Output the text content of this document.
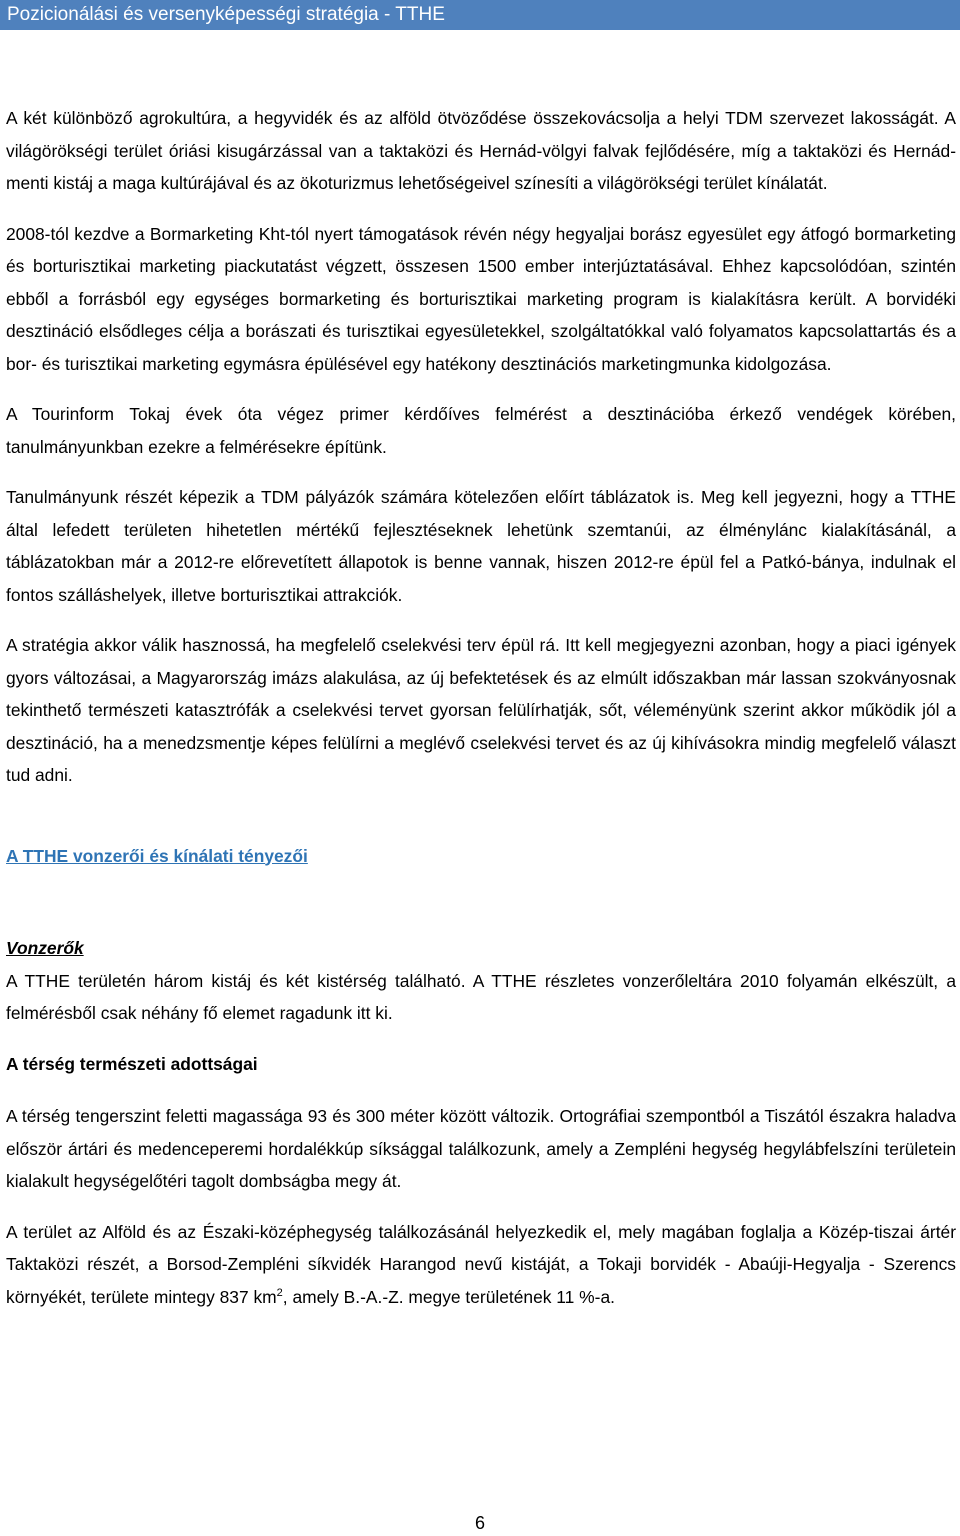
Pozicionálási és versenyképességi stratégia - TTHE

A két különböző agrokultúra, a hegyvidék és az alföld ötvöződése összekovácsolja a helyi TDM szervezet lakosságát. A világörökségi terület óriási kisugárzással van a taktaközi és Hernád-völgyi falvak fejlődésére, míg a taktaközi és Hernád-menti kistáj a maga kultúrájával és az ökoturizmus lehetőségeivel színesíti a világörökségi terület kínálatát.

2008-tól kezdve a Bormarketing Kht-tól nyert támogatások révén négy hegyaljai borász egyesület egy átfogó bormarketing és borturisztikai marketing piackutatást végzett, összesen 1500 ember interjúztatásával. Ehhez kapcsolódóan, szintén ebből a forrásból egy egységes bormarketing és borturisztikai marketing program is kialakításra került. A borvidéki desztináció elsődleges célja a borászati és turisztikai egyesületekkel, szolgáltatókkal való folyamatos kapcsolattartás és a bor- és turisztikai marketing egymásra épülésével egy hatékony desztinációs marketingmunka kidolgozása.

A Tourinform Tokaj évek óta végez primer kérdőíves felmérést a desztinációba érkező vendégek körében, tanulmányunkban ezekre a felmérésekre építünk.

Tanulmányunk részét képezik a TDM pályázók számára kötelezően előírt táblázatok is. Meg kell jegyezni, hogy a TTHE által lefedett területen hihetetlen mértékű fejlesztéseknek lehetünk szemtanúi, az élménylánc kialakításánál, a táblázatokban már a 2012-re előrevetített állapotok is benne vannak, hiszen 2012-re épül fel a Patkó-bánya, indulnak el fontos szálláshelyek, illetve borturisztikai attrakciók.

A stratégia akkor válik hasznossá, ha megfelelő cselekvési terv épül rá. Itt kell megjegyezni azonban, hogy a piaci igények gyors változásai, a Magyarország imázs alakulása, az új befektetések és az elmúlt időszakban már lassan szokványosnak tekinthető természeti katasztrófák a cselekvési tervet gyorsan felülírhatják, sőt, véleményünk szerint akkor működik jól a desztináció, ha a menedzsmentje képes felülírni a meglévő cselekvési tervet és az új kihívásokra mindig megfelelő választ tud adni.

A TTHE vonzerői és kínálati tényezői

Vonzerők

A TTHE területén három kistáj és két kistérség található. A TTHE részletes vonzerőleltára 2010 folyamán elkészült, a felmérésből csak néhány fő elemet ragadunk itt ki.

A térség természeti adottságai

A térség tengerszint feletti magassága 93 és 300 méter között változik. Ortográfiai szempontból a Tiszától északra haladva először ártári és medenceperemi hordalékkúp síksággal találkozunk, amely a Zempléni hegység hegylábfelszíni területein kialakult hegységelőtéri tagolt dombságba megy át.

A terület az Alföld és az Északi-középhegység találkozásánál helyezkedik el, mely magában foglalja a Közép-tiszai ártér Taktaközi részét, a Borsod-Zempléni síkvidék Harangod nevű kistáját, a Tokaji borvidék - Abaúji-Hegyalja - Szerencs környékét, területe mintegy 837 $km^2$, amely B.-A.-Z. megye területének 11 %-a.

6
